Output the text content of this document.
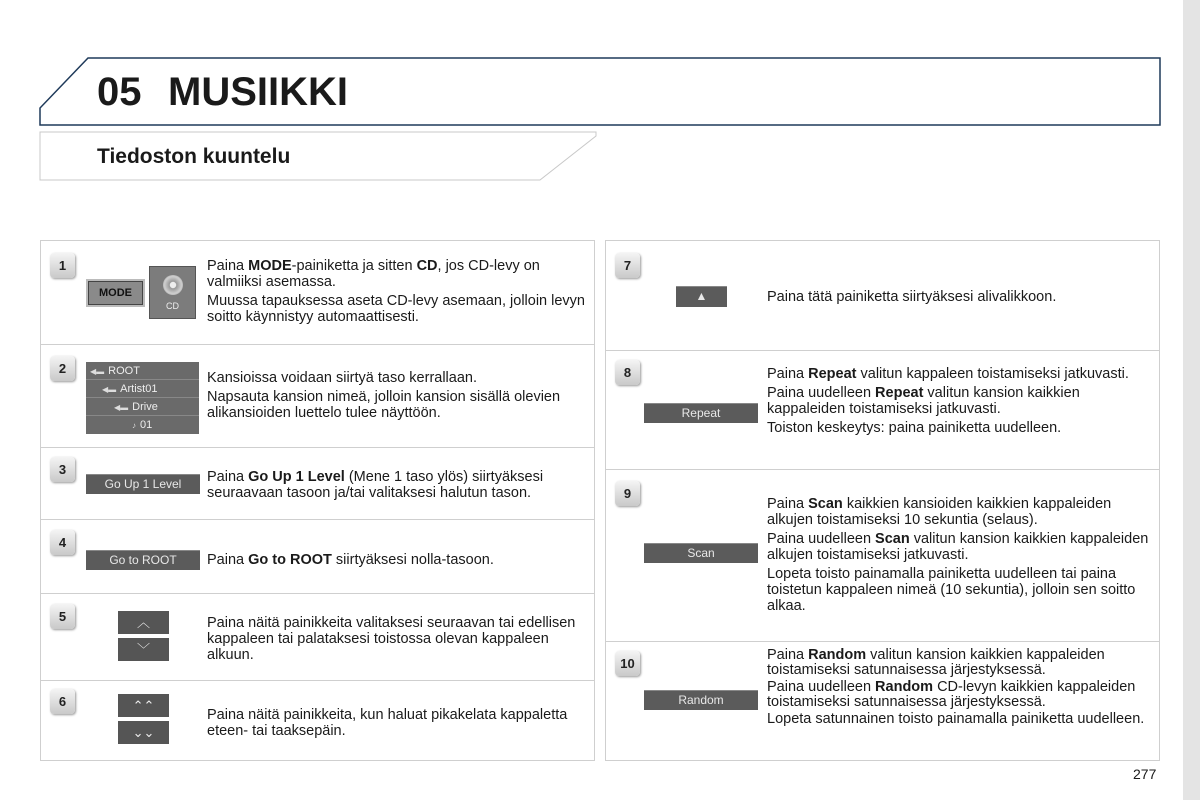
05 MUSIIKKI
Tiedoston kuuntelu
1
MODE
CD

Paina MODE-painiketta ja sitten CD, jos CD-levy on valmiiksi asemassa.

Muussa tapauksessa aseta CD-levy asemaan, jolloin levyn soitto käynnistyy automaattisesti.

2	◀▬ ROOT
◀▬ Artist01
◀▬ Drive
♪ 01

Kansioissa voidaan siirtyä taso kerrallaan.

Napsauta kansion nimeä, jolloin kansion sisällä olevien alikansioiden luettelo tulee näyttöön.

3
Go Up 1 Level	Paina Go Up 1 Level (Mene 1 taso ylös) siirtyäksesi seuraavaan tasoon ja/tai valitaksesi halutun tason.

4
Go to ROOT	Paina Go to ROOT siirtyäksesi nolla-tasoon.

5	︿
﹀

Paina näitä painikkeita valitaksesi seuraavan tai edellisen kappaleen tai palataksesi toistossa olevan kappaleen alkuun.

6	⌃⌃
⌄⌄

Paina näitä painikkeita, kun haluat pikakelata kappaletta eteen- tai taaksepäin.

7
▲	Paina tätä painiketta siirtyäksesi alivalikkoon.

8
Repeat

Paina Repeat valitun kappaleen toistamiseksi jatkuvasti.

Paina uudelleen Repeat valitun kansion kaikkien kappaleiden toistamiseksi jatkuvasti.

Toiston keskeytys: paina painiketta uudelleen.

9
Scan

Paina Scan kaikkien kansioiden kaikkien kappaleiden alkujen toistamiseksi 10 sekuntia (selaus).

Paina uudelleen Scan valitun kansion kaikkien kappaleiden alkujen toistamiseksi jatkuvasti.

Lopeta toisto painamalla painiketta uudelleen tai paina toistetun kappaleen nimeä (10 sekuntia), jolloin sen soitto alkaa.

10
Random

Paina Random valitun kansion kaikkien kappaleiden toistamiseksi satunnaisessa järjestyksessä.

Paina uudelleen Random CD-levyn kaikkien kappaleiden toistamiseksi satunnaisessa järjestyksessä.

Lopeta satunnainen toisto painamalla painiketta uudelleen.

277
